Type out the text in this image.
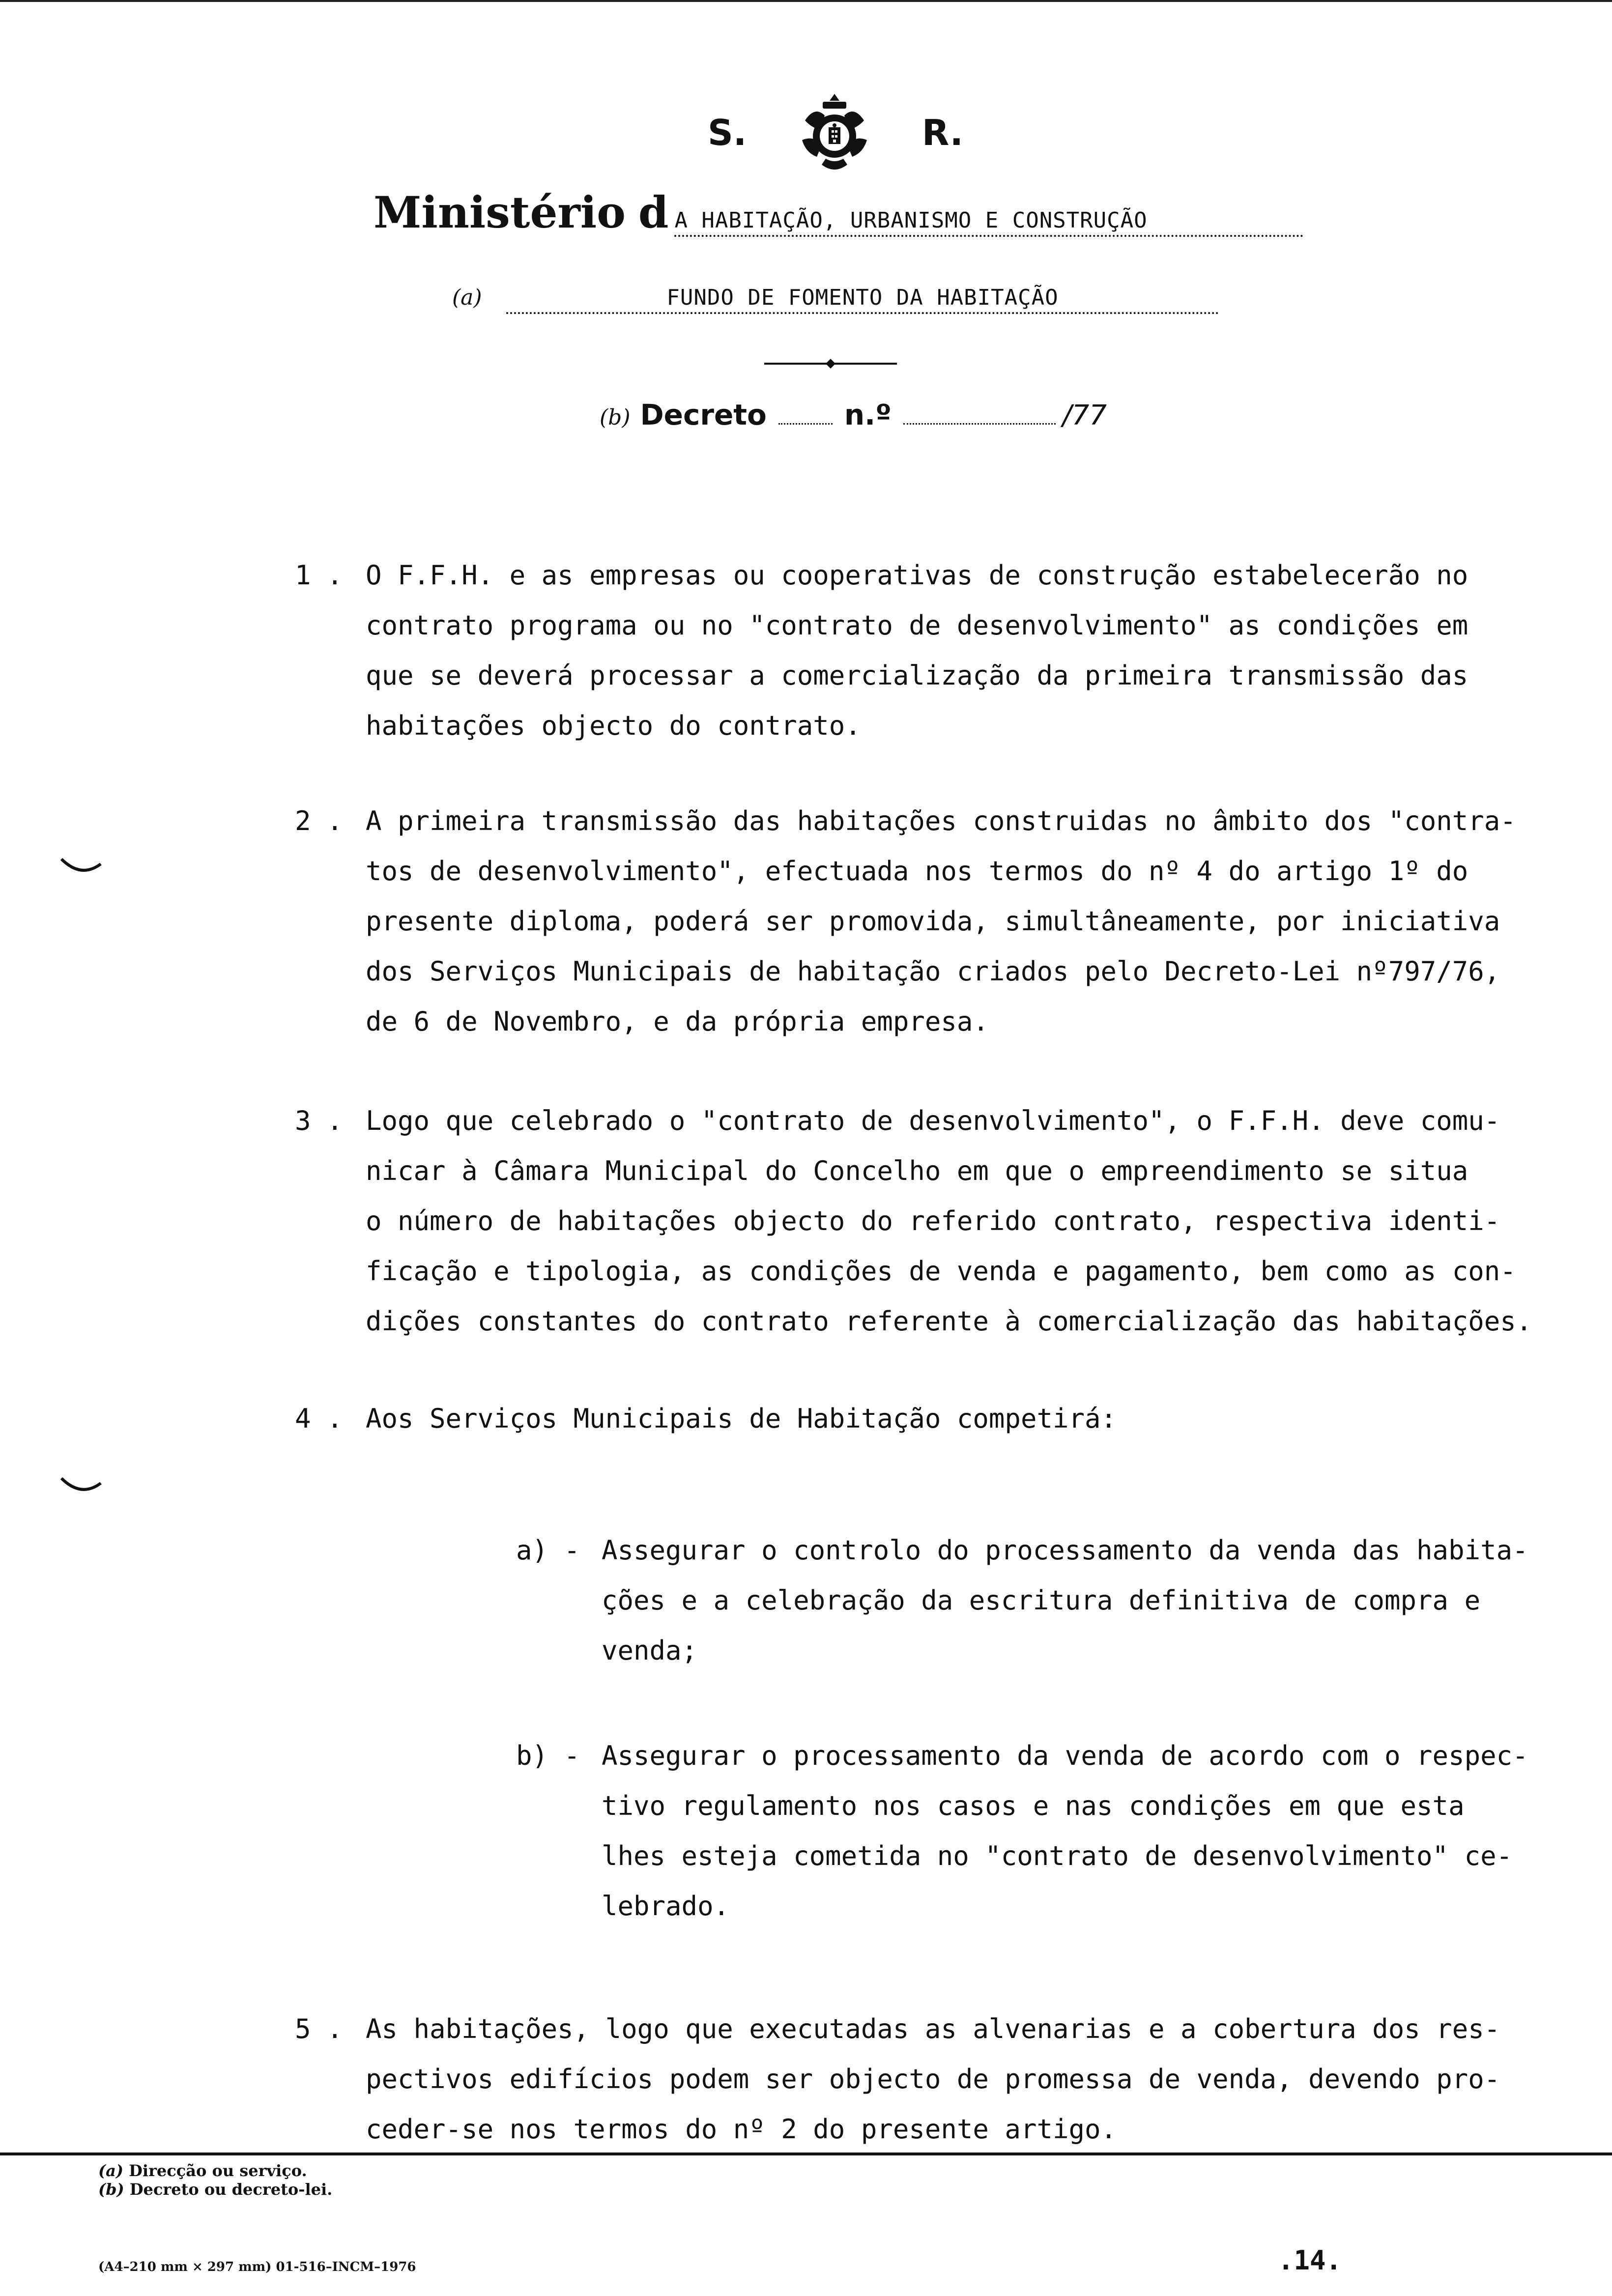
S.	R.
Ministério d A HABITAÇÃO, URBANISMO E CONSTRUÇÃO
(a)	FUNDO DE FOMENTO DA HABITAÇÃO
(b) Decreto	n.º	/77
1 . O F.F.H. e as empresas ou cooperativas de construção estabelecerão no
contrato programa ou no "contrato de desenvolvimento" as condições em
que se deverá processar a comercialização da primeira transmissão das
habitações objecto do contrato.
2 . A primeira transmissão das habitações construidas no âmbito dos "contra-
tos de desenvolvimento", efectuada nos termos do nº 4 do artigo 1º do
presente diploma, poderá ser promovida, simultâneamente, por iniciativa
dos Serviços Municipais de habitação criados pelo Decreto-Lei nº797/76,
de 6 de Novembro, e da própria empresa.
3 . Logo que celebrado o "contrato de desenvolvimento", o F.F.H. deve comu-
nicar à Câmara Municipal do Concelho em que o empreendimento se situa
o número de habitações objecto do referido contrato, respectiva identi-
ficação e tipologia, as condições de venda e pagamento, bem como as con-
dições constantes do contrato referente à comercialização das habitações.
4 . Aos Serviços Municipais de Habitação competirá:
a) - Assegurar o controlo do processamento da venda das habita-
ções e a celebração da escritura definitiva de compra e
venda;
b) - Assegurar o processamento da venda de acordo com o respec-
tivo regulamento nos casos e nas condições em que esta
lhes esteja cometida no "contrato de desenvolvimento" ce-
lebrado.
5 . As habitações, logo que executadas as alvenarias e a cobertura dos res-
pectivos edifícios podem ser objecto de promessa de venda, devendo pro-
ceder-se nos termos do nº 2 do presente artigo.
(a) Direcção ou serviço.
(b) Decreto ou decreto-lei.
(A4–210 mm × 297 mm) 01-516–INCM–1976	.14.
